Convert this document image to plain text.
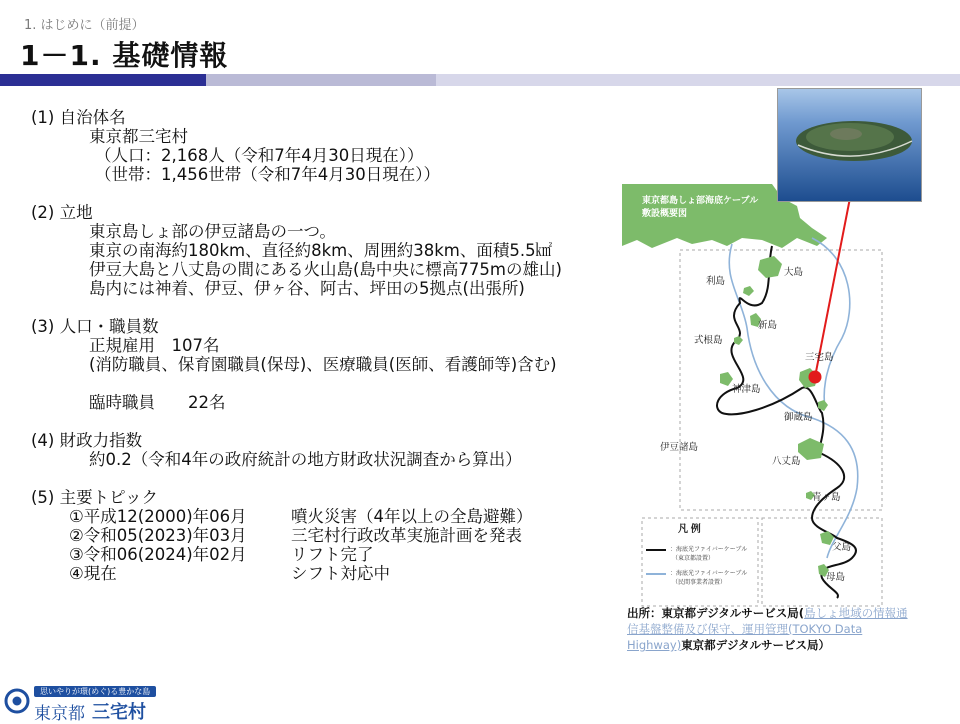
1. はじめに（前提）
1－1. 基礎情報
(1) 自治体名
東京都三宅村
（人口：2,168人（令和7年4月30日現在））
（世帯：1,456世帯（令和7年4月30日現在））
(2) 立地
東京島しょ部の伊豆諸島の一つ。
東京の南海約180km、直径約8km、周囲約38km、面積5.5㎢
伊豆大島と八丈島の間にある火山島(島中央に標高775mの雄山)
島内には神着、伊豆、伊ヶ谷、阿古、坪田の5拠点(出張所)
(3) 人口・職員数
正規雇用　107名
(消防職員、保育園職員(保母)、医療職員(医師、看護師等)含む)
臨時職員　　22名
(4) 財政力指数
約0.2（令和4年の政府統計の地方財政状況調査から算出）
(5) 主要トピック
①平成12(2000)年06月	噴火災害（4年以上の全島避難）
②令和05(2023)年03月	三宅村行政改革実施計画を発表
③令和06(2024)年02月	リフト完了
④現在	シフト対応中
東京都島しょ部海底ケーブル
敷設概要図
大島
利島
新島
式根島
三宅島
神津島
御蔵島
八丈島
青ヶ島
父島
母島
伊豆諸島
凡 例
：海底光ファイバーケーブル
（東京都設置）
：海底光ファイバーケーブル
（民間事業者設置）
出所：東京都デジタルサービス局(島しょ地域の情報通信基盤整備及び保守、運用管理(TOKYO Data Highway)東京都デジタルサービス局）
思いやりが環(めぐ)る豊かな島
東京都 三宅村
